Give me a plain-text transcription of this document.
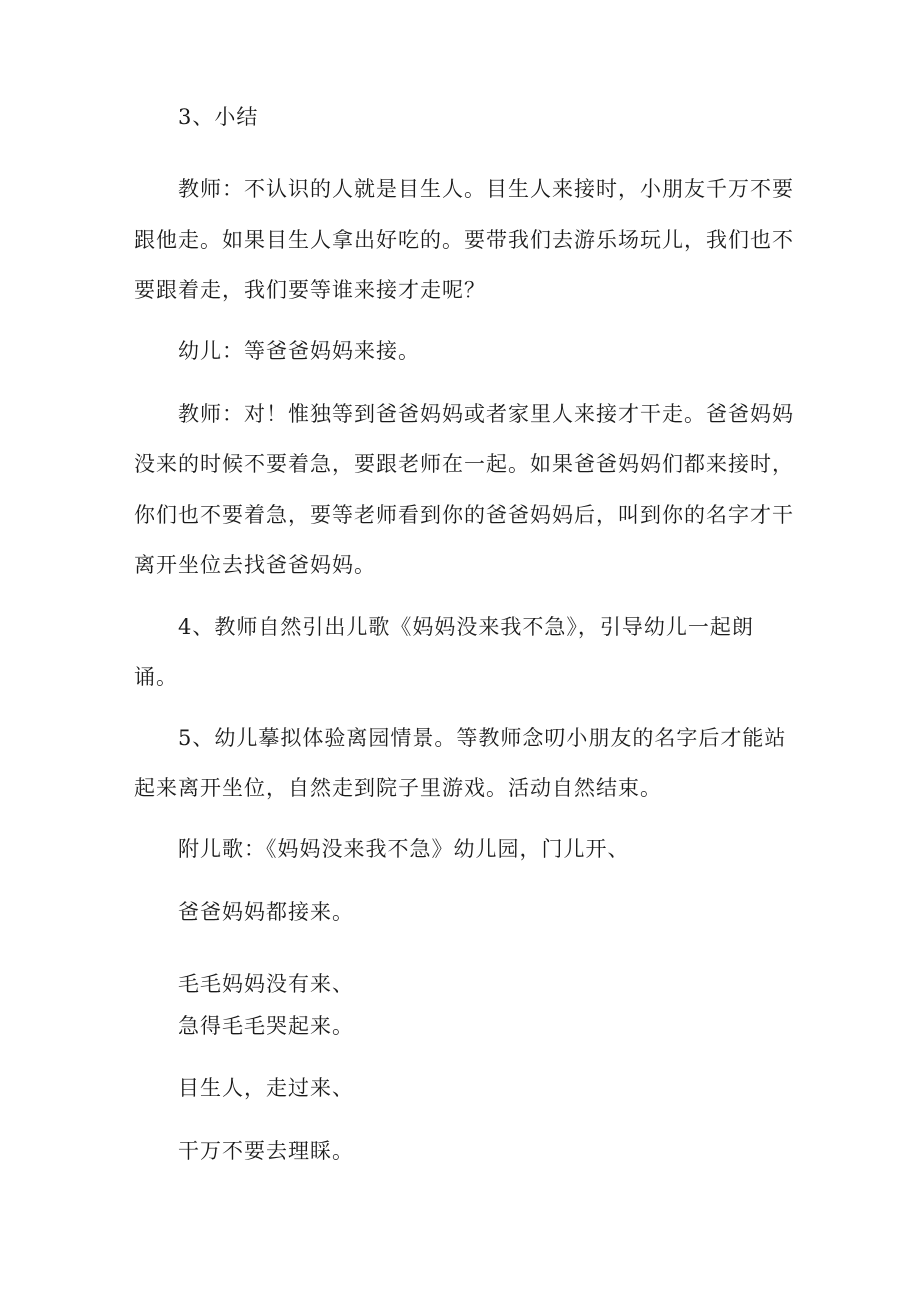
3、小结
教师：不认识的人就是目生人。目生人来接时，小朋友千万不要
跟他走。如果目生人拿出好吃的。要带我们去游乐场玩儿，我们也不
要跟着走，我们要等谁来接才走呢？
幼儿：等爸爸妈妈来接。
教师：对！惟独等到爸爸妈妈或者家里人来接才干走。爸爸妈妈
没来的时候不要着急，要跟老师在一起。如果爸爸妈妈们都来接时，
你们也不要着急，要等老师看到你的爸爸妈妈后，叫到你的名字才干
离开坐位去找爸爸妈妈。
4、教师自然引出儿歌《妈妈没来我不急》，引导幼儿一起朗
诵。
5、幼儿摹拟体验离园情景。等教师念叨小朋友的名字后才能站
起来离开坐位，自然走到院子里游戏。活动自然结束。
附儿歌：《妈妈没来我不急》幼儿园，门儿开、
爸爸妈妈都接来。
毛毛妈妈没有来、
急得毛毛哭起来。
目生人，走过来、
干万不要去理睬。
